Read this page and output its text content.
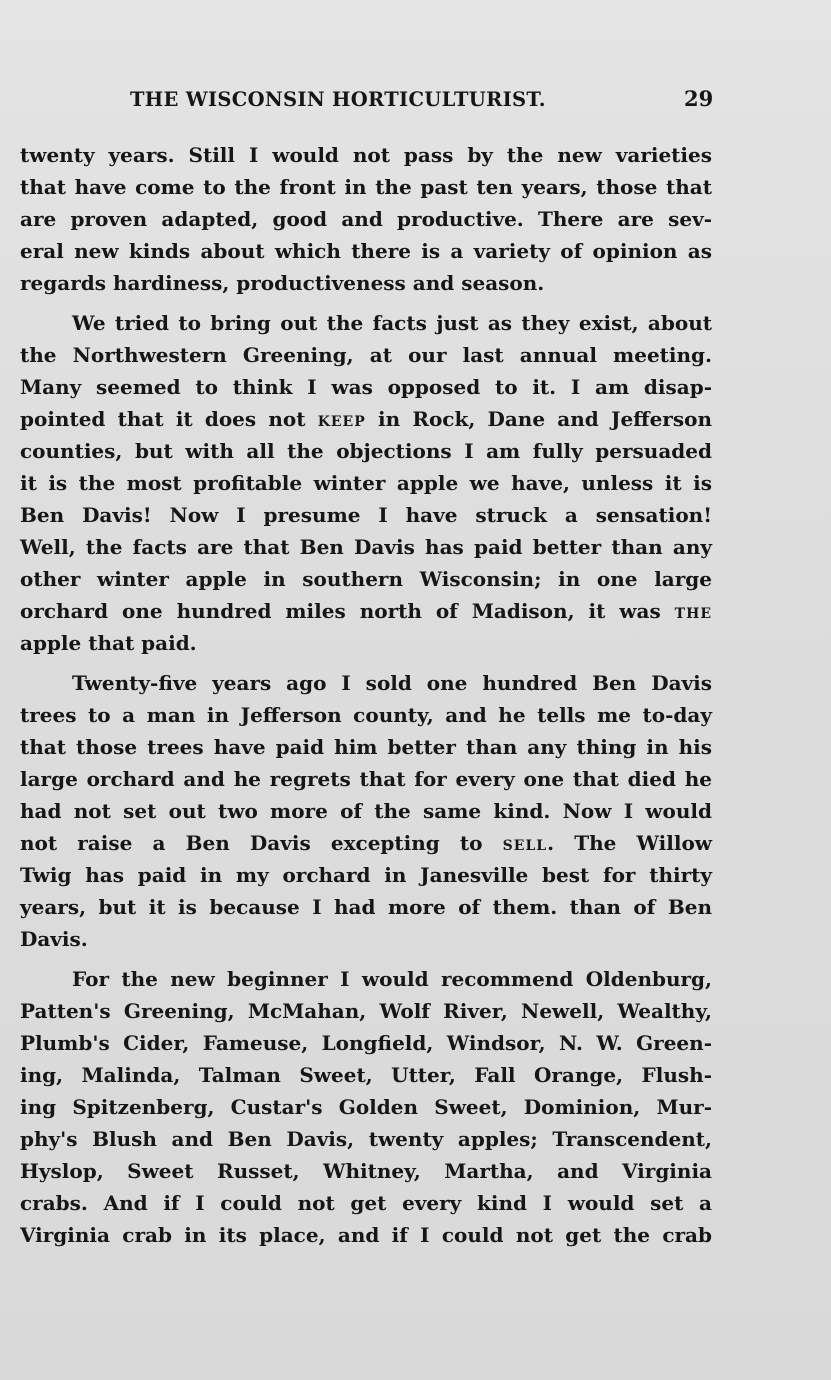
THE WISCONSIN HORTICULTURIST.	29
twenty years. Still I would not pass by the new varieties
that have come to the front in the past ten years, those that
are proven adapted, good and productive. There are sev-
eral new kinds about which there is a variety of opinion as
regards hardiness, productiveness and season.
We tried to bring out the facts just as they exist, about
the Northwestern Greening, at our last annual meeting.
Many seemed to think I was opposed to it. I am disap-
pointed that it does not keep in Rock, Dane and Jefferson
counties, but with all the objections I am fully persuaded
it is the most profitable winter apple we have, unless it is
Ben Davis! Now I presume I have struck a sensation!
Well, the facts are that Ben Davis has paid better than any
other winter apple in southern Wisconsin; in one large
orchard one hundred miles north of Madison, it was the
apple that paid.
Twenty-five years ago I sold one hundred Ben Davis
trees to a man in Jefferson county, and he tells me to-day
that those trees have paid him better than any thing in his
large orchard and he regrets that for every one that died he
had not set out two more of the same kind. Now I would
not raise a Ben Davis excepting to sell. The Willow
Twig has paid in my orchard in Janesville best for thirty
years, but it is because I had more of them. than of Ben
Davis.
For the new beginner I would recommend Oldenburg,
Patten's Greening, McMahan, Wolf River, Newell, Wealthy,
Plumb's Cider, Fameuse, Longfield, Windsor, N. W. Green-
ing, Malinda, Talman Sweet, Utter, Fall Orange, Flush-
ing Spitzenberg, Custar's Golden Sweet, Dominion, Mur-
phy's Blush and Ben Davis, twenty apples; Transcendent,
Hyslop, Sweet Russet, Whitney, Martha, and Virginia
crabs. And if I could not get every kind I would set a
Virginia crab in its place, and if I could not get the crab
